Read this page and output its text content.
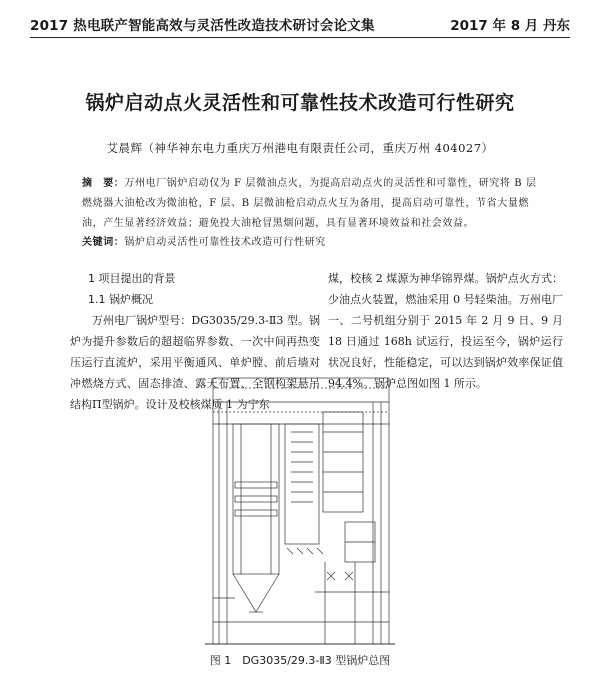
2017 热电联产智能高效与灵活性改造技术研讨会论文集	2017 年 8 月 丹东
锅炉启动点火灵活性和可靠性技术改造可行性研究
艾晨辉（神华神东电力重庆万州港电有限责任公司，重庆万州 404027）
摘　要：万州电厂锅炉启动仅为 F 层微油点火，为提高启动点火的灵活性和可靠性，研究将 B 层燃烧器大油枪改为微油枪，F 层、B 层微油枪启动点火互为备用，提高启动可靠性，节省大量燃油，产生显著经济效益；避免投大油枪冒黑烟问题，具有显著环境效益和社会效益。
关键词：锅炉启动灵活性可靠性技术改造可行性研究
1 项目提出的背景
1.1 锅炉概况
万州电厂锅炉型号：DG3035/29.3-Ⅱ3 型。锅炉为提升参数后的超超临界参数、一次中间再热变压运行直流炉，采用平衡通风、单炉膛、前后墙对冲燃烧方式、固态排渣、露天布置、全钢构架悬吊结构Π型锅炉。设计及校核煤质 1 为宁东
煤，校核 2 煤源为神华锦界煤。锅炉点火方式：少油点火装置，燃油采用 0 号轻柴油。万州电厂一、二号机组分别于 2015 年 2 月 9 日、9 月 18 日通过 168h 试运行，投运至今，锅炉运行状况良好，性能稳定，可以达到锅炉效率保证值 94.4%。锅炉总图如图 1 所示。
图 1　DG3035/29.3-Ⅱ3 型锅炉总图
